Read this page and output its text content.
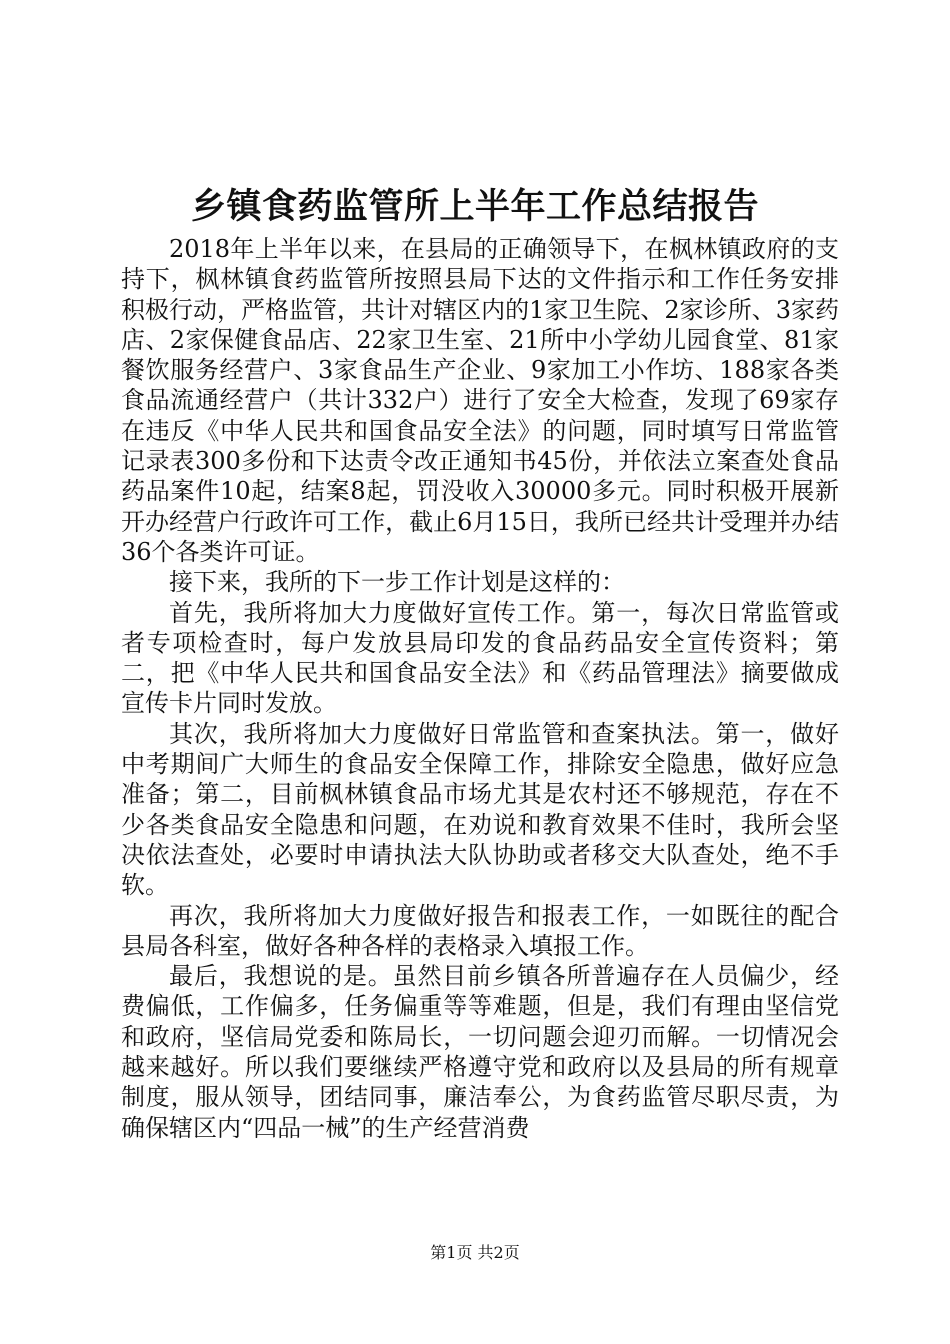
乡镇食药监管所上半年工作总结报告

2018年上半年以来，在县局的正确领导下，在枫林镇政府的支持下，枫林镇食药监管所按照县局下达的文件指示和工作任务安排积极行动，严格监管，共计对辖区内的1家卫生院、2家诊所、3家药店、2家保健食品店、22家卫生室、21所中小学幼儿园食堂、81家餐饮服务经营户、3家食品生产企业、9家加工小作坊、188家各类食品流通经营户（共计332户）进行了安全大检查，发现了69家存在违反《中华人民共和国食品安全法》的问题，同时填写日常监管记录表300多份和下达责令改正通知书45份，并依法立案查处食品药品案件10起，结案8起，罚没收入30000多元。同时积极开展新开办经营户行政许可工作，截止6月15日，我所已经共计受理并办结36个各类许可证。

接下来，我所的下一步工作计划是这样的：

首先，我所将加大力度做好宣传工作。第一，每次日常监管或者专项检查时，每户发放县局印发的食品药品安全宣传资料；第二，把《中华人民共和国食品安全法》和《药品管理法》摘要做成宣传卡片同时发放。

其次，我所将加大力度做好日常监管和查案执法。第一，做好中考期间广大师生的食品安全保障工作，排除安全隐患，做好应急准备；第二，目前枫林镇食品市场尤其是农村还不够规范，存在不少各类食品安全隐患和问题，在劝说和教育效果不佳时，我所会坚决依法查处，必要时申请执法大队协助或者移交大队查处，绝不手软。

再次，我所将加大力度做好报告和报表工作，一如既往的配合县局各科室，做好各种各样的表格录入填报工作。

最后，我想说的是。虽然目前乡镇各所普遍存在人员偏少，经费偏低，工作偏多，任务偏重等等难题，但是，我们有理由坚信党和政府，坚信局党委和陈局长，一切问题会迎刃而解。一切情况会越来越好。所以我们要继续严格遵守党和政府以及县局的所有规章制度，服从领导，团结同事，廉洁奉公，为食药监管尽职尽责，为确保辖区内“四品一械”的生产经营消费

第1页 共2页
